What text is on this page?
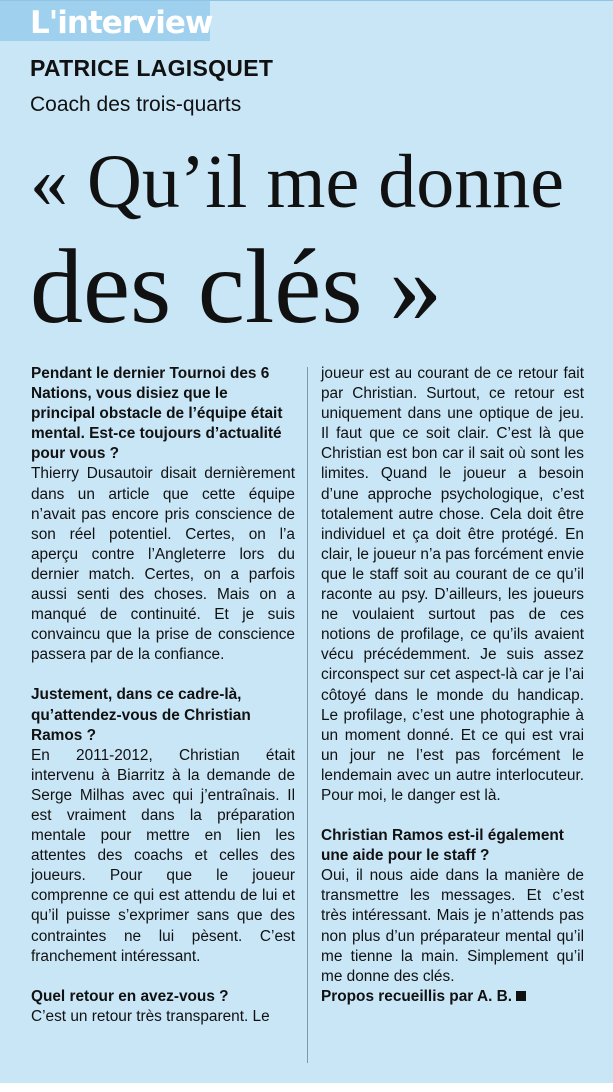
L'interview
PATRICE LAGISQUET
Coach des trois-quarts
« Qu’il me donne
des clés »

Pendant le dernier Tournoi des 6 Nations, vous disiez que le principal obstacle de l’équipe était mental. Est-ce toujours d’actualité pour vous ?

Thierry Dusautoir disait dernièrement dans un article que cette équipe n’avait pas encore pris conscience de son réel potentiel. Certes, on l’a aperçu contre l’Angleterre lors du dernier match. Certes, on a parfois aussi senti des choses. Mais on a manqué de continuité. Et je suis convaincu que la prise de conscience passera par de la confiance.

Justement, dans ce cadre-là, qu’attendez-vous de Christian Ramos ?

En 2011-2012, Christian était intervenu à Biarritz à la demande de Serge Milhas avec qui j’entraînais. Il est vraiment dans la préparation mentale pour mettre en lien les attentes des coachs et celles des joueurs. Pour que le joueur comprenne ce qui est attendu de lui et qu’il puisse s’exprimer sans que des contraintes ne lui pèsent. C’est franchement intéressant.

Quel retour en avez-vous ?

C’est un retour très transparent. Le

joueur est au courant de ce retour fait par Christian. Surtout, ce retour est uniquement dans une optique de jeu. Il faut que ce soit clair. C’est là que Christian est bon car il sait où sont les limites. Quand le joueur a besoin d’une approche psychologique, c’est totalement autre chose. Cela doit être individuel et ça doit être protégé. En clair, le joueur n’a pas forcément envie que le staff soit au courant de ce qu’il raconte au psy. D’ailleurs, les joueurs ne voulaient surtout pas de ces notions de profilage, ce qu’ils avaient vécu précédemment. Je suis assez circonspect sur cet aspect-là car je l’ai côtoyé dans le monde du handicap. Le profilage, c’est une photographie à un moment donné. Et ce qui est vrai un jour ne l’est pas forcément le lendemain avec un autre interlocuteur. Pour moi, le danger est là.

Christian Ramos est-il également une aide pour le staff ?

Oui, il nous aide dans la manière de transmettre les messages. Et c’est très intéressant. Mais je n’attends pas non plus d’un préparateur mental qu’il me tienne la main. Simplement qu’il me donne des clés.

Propos recueillis par A. B.
